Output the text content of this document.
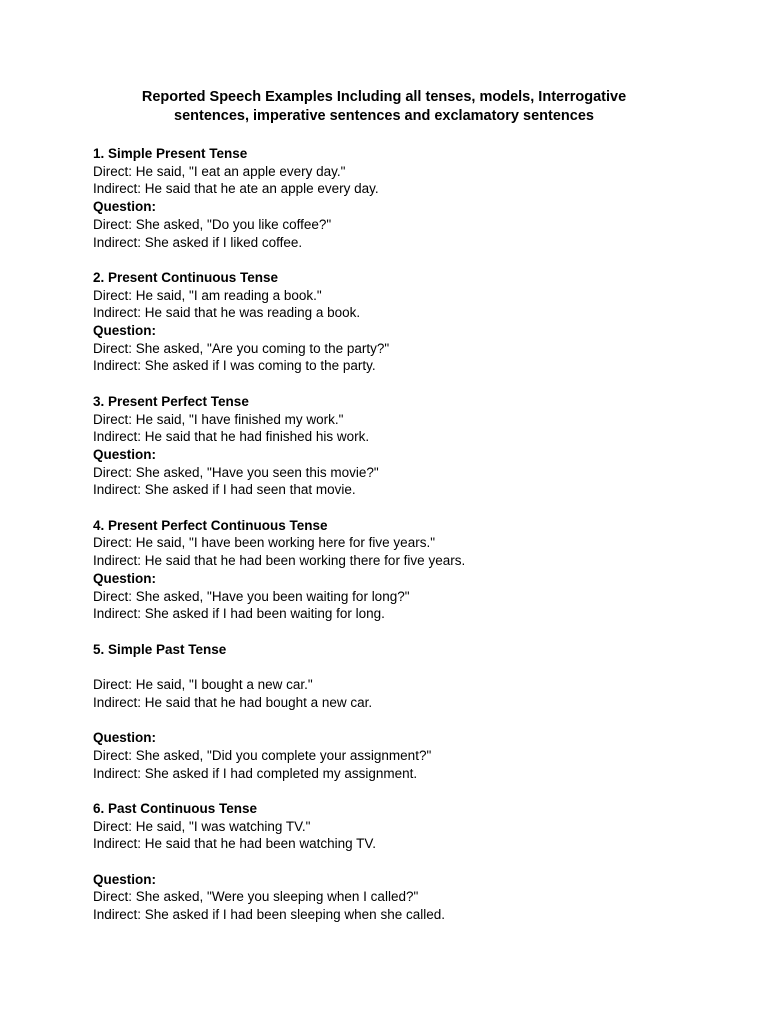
Reported Speech Examples Including all tenses, models, Interrogative
sentences, imperative sentences and exclamatory sentences
1. Simple Present Tense
Direct: He said, "I eat an apple every day."
Indirect: He said that he ate an apple every day.
Question:
Direct: She asked, "Do you like coffee?"
Indirect: She asked if I liked coffee.
2. Present Continuous Tense
Direct: He said, "I am reading a book."
Indirect: He said that he was reading a book.
Question:
Direct: She asked, "Are you coming to the party?"
Indirect: She asked if I was coming to the party.
3. Present Perfect Tense
Direct: He said, "I have finished my work."
Indirect: He said that he had finished his work.
Question:
Direct: She asked, "Have you seen this movie?"
Indirect: She asked if I had seen that movie.
4. Present Perfect Continuous Tense
Direct: He said, "I have been working here for five years."
Indirect: He said that he had been working there for five years.
Question:
Direct: She asked, "Have you been waiting for long?"
Indirect: She asked if I had been waiting for long.
5. Simple Past Tense
Direct: He said, "I bought a new car."
Indirect: He said that he had bought a new car.
Question:
Direct: She asked, "Did you complete your assignment?"
Indirect: She asked if I had completed my assignment.
6. Past Continuous Tense
Direct: He said, "I was watching TV."
Indirect: He said that he had been watching TV.
Question:
Direct: She asked, "Were you sleeping when I called?"
Indirect: She asked if I had been sleeping when she called.
